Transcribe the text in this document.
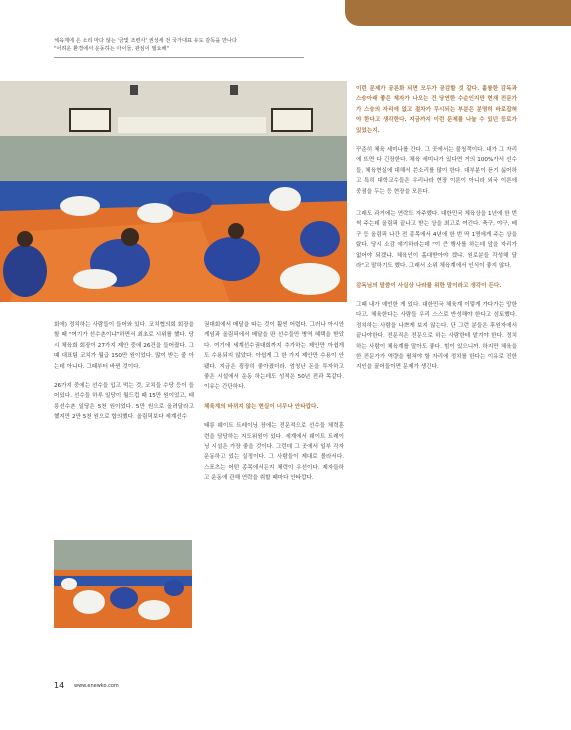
체육계에 은 소리 마다 않는 '금빛 조련사' 권성세 전 국가대표 유도 감독을 만나다
"어려운 환경에서 운동하는 아이들, 관심이 필요해"

이런 문제가 공론화 되면 모두가 공감할 것 같다. 훌륭한 감독과 스승아래 좋은 제자가 나오는 건 당연한 수순인지만 현재 전문가가 스승의 자리에 없고 절차가 무시되는 부분은 분명히 바로잡혀야 한다고 생각한다. 지금까지 이런 문제를 나눌 수 있던 등로가 있었는지.

꾸준히 체육 세미나를 간다. 그 곳에서는 불청객이다. 내가 그 자리에 뜨면 다 긴장한다. 체육 세미나가 있다면 거의 100%가서 선수들, 체육현실에 대해서 쓴소리를 많이 한다. 대부분이 듣기 싫어하고 특히 대학교수들은 우리나라 현장 이론이 아니라 외국 이론에 중점을 두는 등 현장을 모른다.

그래도 과거에는 연락도 자주했다. 대한민국 체육상을 1년에 한 번 씩 주는데 올림픽 끝나고 받는 상을 최고로 여긴다. 축구, 야구, 배구 등 올림픽 나간 전 종목에서 4년에 한 번 딱 1명에게 주는 상을 탔다. 당시 소감 얘기하라는데 "이 큰 행사를 하는데 앞을 자리가 없어야 되겠냐. 체육인이 홀대받아야 겠냐. 원로분들 각성해 달라"고 말하기도 했다. 그래서 소위 체육계에서 인식이 좋지 않다.

감독님의 말씀이 사실상 나라를 위한 말이라고 생각이 든다.

그때 내가 예언한 게 있다. 대한민국 체육계 이렇게 가다가는 망한다고. 체육한다는 사람들 우리 스스로 반성해야 한다고 섬토했다. 정치하는 사람을 나쁘게 보지 않는다. 단 그런 분들은 후원자에서 끝나야한다. 전문직은 전문으로 하는 사람한테 맡겨야 한다. 정치하는 사람이 체육계를 말아도 좋다. 힘이 있으니까. 하지만 체육을 한 전문가가 역량을 펼쳐야 할 자리에 정치를 한다는 이유로 진한 지인을 꿀어들이면 문제가 생긴다.

회에) 정치하는 사람들이 들어와 있다. 코치협의회 회장을 할 때 "여기가 선수촌이냐"하면서 최초로 시위를 했다. 당시 체육회 회장이 27가지 제안 중에 26건을 들어줬다. 그 때 대표팀 코치가 월급 150만 원이었다. 많이 받는 줄 아는데 아니다. 그때부터 바뀐 것이다.

26가지 중에는 선수들 입고 먹는 것, 코치들 수당 등이 들어있다. 선수들 하루 일당이 월드컵 때 15만 원이었고, 태릉선수촌 일당은 5천 원이었다. 5만 원으로 올려달라고 했지만 2만 5천 원으로 합의했다. 올림픽보다 세계선수

권대회에서 메달을 따는 것이 훨씬 어렵다. 그러나 아시안게임과 올림픽에서 메달을 딴 선수들만 병역 혜택을 받았다. 여기에 세계선수권대회까지 추가하는 제안만 아쉽게도 수용되지 않았다. 아쉽게 그 한 가지 제안만 수용이 안됐다. 지금은 굉장히 좋아졌더라. 엄청난 돈을 투자하고 좋은 시설에서 운동 하는데도 성적은 50년 전과 똑같다. 이유는 간단하다.

체육계의 바뀌지 않는 현실이 너무나 안타깝다.

태릉 웨이트 트레이닝 장에는 전문적으로 선수들 체력훈련을 담당하는 지도위원이 있다. 세계에서 웨이트 트레이닝 시설은 가장 좋을 것이다. 그런데 그 곳에서 일부 각자 운동하고 있는 실정이다. 그 사람들이 제대로 몰라서다. 스포츠는 어떤 종목에서든지 체력이 우선이다. 제자들하고 운동에 관해 연락을 취할 때마다 안타깝다.

14 www.enewko.com
